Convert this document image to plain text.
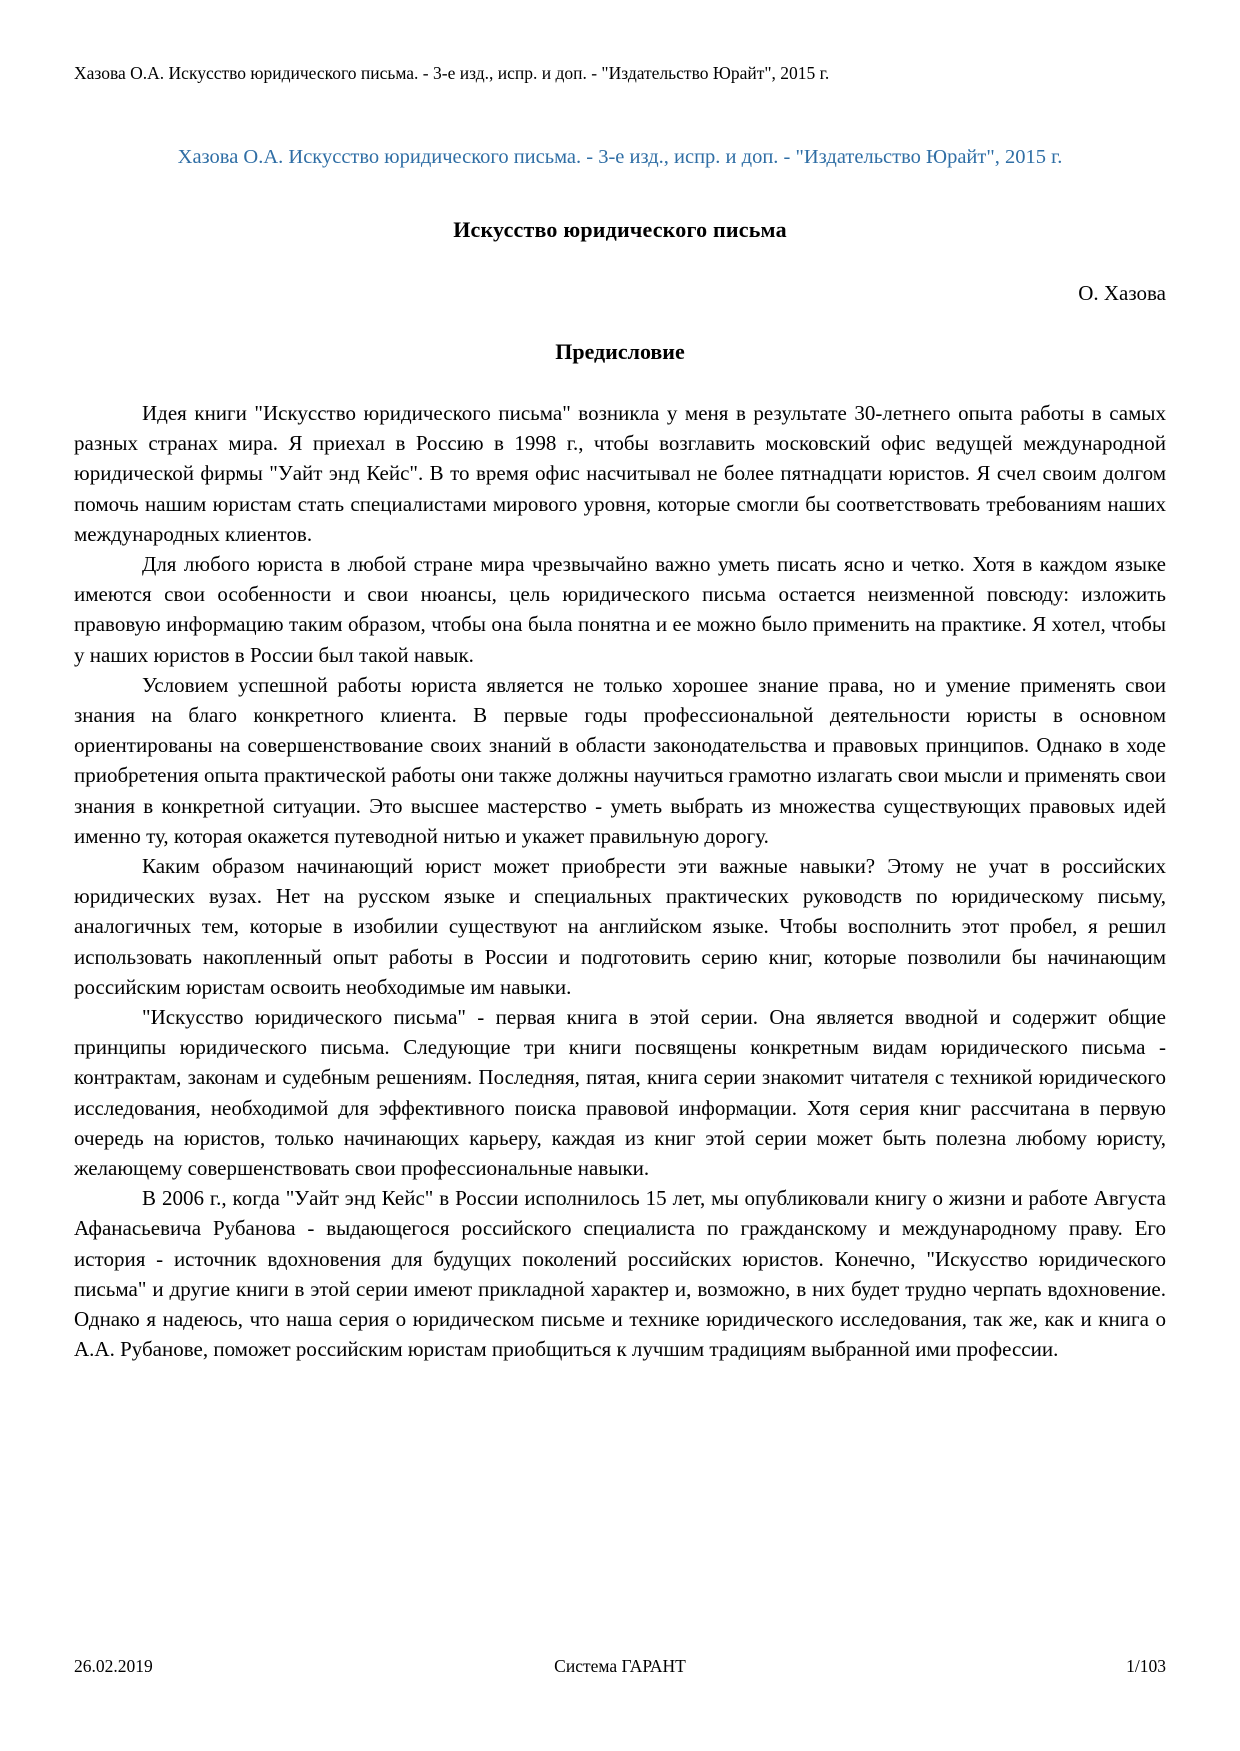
Хазова О.А. Искусство юридического письма. - 3-е изд., испр. и доп. - "Издательство Юрайт", 2015 г.
Хазова О.А. Искусство юридического письма. - 3-е изд., испр. и доп. - "Издательство Юрайт", 2015 г.
Искусство юридического письма
О. Хазова
Предисловие

Идея книги "Искусство юридического письма" возникла у меня в результате 30-летнего опыта работы в самых разных странах мира. Я приехал в Россию в 1998 г., чтобы возглавить московский офис ведущей международной юридической фирмы "Уайт энд Кейс". В то время офис насчитывал не более пятнадцати юристов. Я счел своим долгом помочь нашим юристам стать специалистами мирового уровня, которые смогли бы соответствовать требованиям наших международных клиентов.

Для любого юриста в любой стране мира чрезвычайно важно уметь писать ясно и четко. Хотя в каждом языке имеются свои особенности и свои нюансы, цель юридического письма остается неизменной повсюду: изложить правовую информацию таким образом, чтобы она была понятна и ее можно было применить на практике. Я хотел, чтобы у наших юристов в России был такой навык.

Условием успешной работы юриста является не только хорошее знание права, но и умение применять свои знания на благо конкретного клиента. В первые годы профессиональной деятельности юристы в основном ориентированы на совершенствование своих знаний в области законодательства и правовых принципов. Однако в ходе приобретения опыта практической работы они также должны научиться грамотно излагать свои мысли и применять свои знания в конкретной ситуации. Это высшее мастерство - уметь выбрать из множества существующих правовых идей именно ту, которая окажется путеводной нитью и укажет правильную дорогу.

Каким образом начинающий юрист может приобрести эти важные навыки? Этому не учат в российских юридических вузах. Нет на русском языке и специальных практических руководств по юридическому письму, аналогичных тем, которые в изобилии существуют на английском языке. Чтобы восполнить этот пробел, я решил использовать накопленный опыт работы в России и подготовить серию книг, которые позволили бы начинающим российским юристам освоить необходимые им навыки.

"Искусство юридического письма" - первая книга в этой серии. Она является вводной и содержит общие принципы юридического письма. Следующие три книги посвящены конкретным видам юридического письма - контрактам, законам и судебным решениям. Последняя, пятая, книга серии знакомит читателя с техникой юридического исследования, необходимой для эффективного поиска правовой информации. Хотя серия книг рассчитана в первую очередь на юристов, только начинающих карьеру, каждая из книг этой серии может быть полезна любому юристу, желающему совершенствовать свои профессиональные навыки.

В 2006 г., когда "Уайт энд Кейс" в России исполнилось 15 лет, мы опубликовали книгу о жизни и работе Августа Афанасьевича Рубанова - выдающегося российского специалиста по гражданскому и международному праву. Его история - источник вдохновения для будущих поколений российских юристов. Конечно, "Искусство юридического письма" и другие книги в этой серии имеют прикладной характер и, возможно, в них будет трудно черпать вдохновение. Однако я надеюсь, что наша серия о юридическом письме и технике юридического исследования, так же, как и книга о А.А. Рубанове, поможет российским юристам приобщиться к лучшим традициям выбранной ими профессии.

26.02.2019	Система ГАРАНТ	1/103
